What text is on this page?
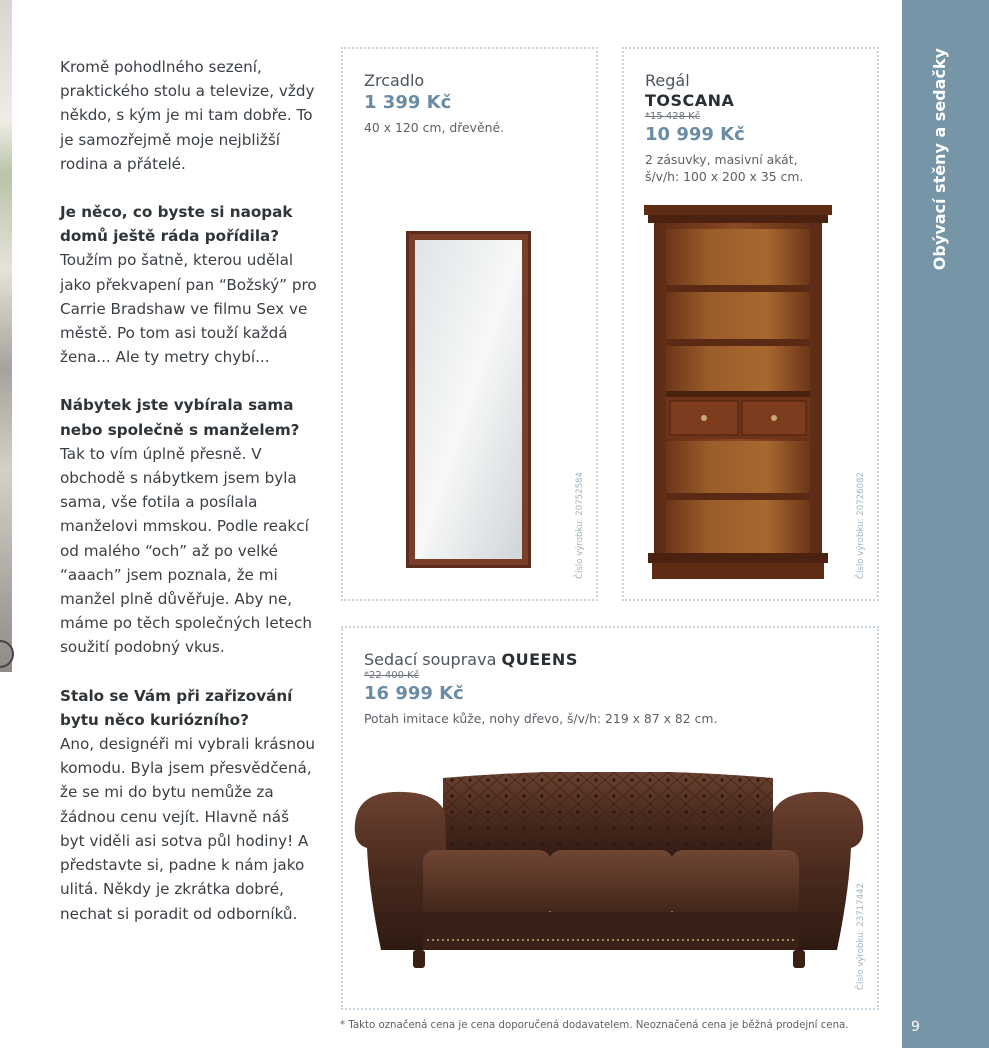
Kromě pohodlného sezení, praktického stolu a televize, vždy někdo, s kým je mi tam dobře. To je samozřejmě moje nejbližší rodina a přátelé.

Je něco, co byste si naopak domů ještě ráda pořídila?
Toužím po šatně, kterou udělal jako překvapení pan “Božský” pro Carrie Bradshaw ve filmu Sex ve městě. Po tom asi touží každá žena... Ale ty metry chybí...

Nábytek jste vybírala sama nebo společně s manželem?
Tak to vím úplně přesně. V obchodě s nábytkem jsem byla sama, vše fotila a posílala manželovi mmskou. Podle reakcí od malého “och” až po velké “aaach” jsem poznala, že mi manžel plně důvěřuje. Aby ne, máme po těch společných letech soužití podobný vkus.

Stalo se Vám při zařizování bytu něco kuriózního?
Ano, designéři mi vybrali krásnou komodu. Byla jsem přesvědčená, že se mi do bytu nemůže za žádnou cenu vejít. Hlavně náš byt viděli asi sotva půl hodiny! A představte si, padne k nám jako ulitá. Někdy je zkrátka dobré, nechat si poradit od odborníků.

Zrcadlo
1 399 Kč
40 x 120 cm, dřevěné.
Číslo výrobku: 20752584
Regál
TOSCANA
*15 428 Kč
10 999 Kč
2 zásuvky, masivní akát,
š/v/h: 100 x 200 x 35 cm.
Číslo výrobku: 20726082
Sedací souprava QUEENS
*22 400 Kč
16 999 Kč
Potah imitace kůže, nohy dřevo, š/v/h: 219 x 87 x 82 cm.
Číslo výrobku: 23717442
* Takto označená cena je cena doporučená dodavatelem. Neoznačená cena je běžná prodejní cena.
Obývací stěny a sedačky
9
